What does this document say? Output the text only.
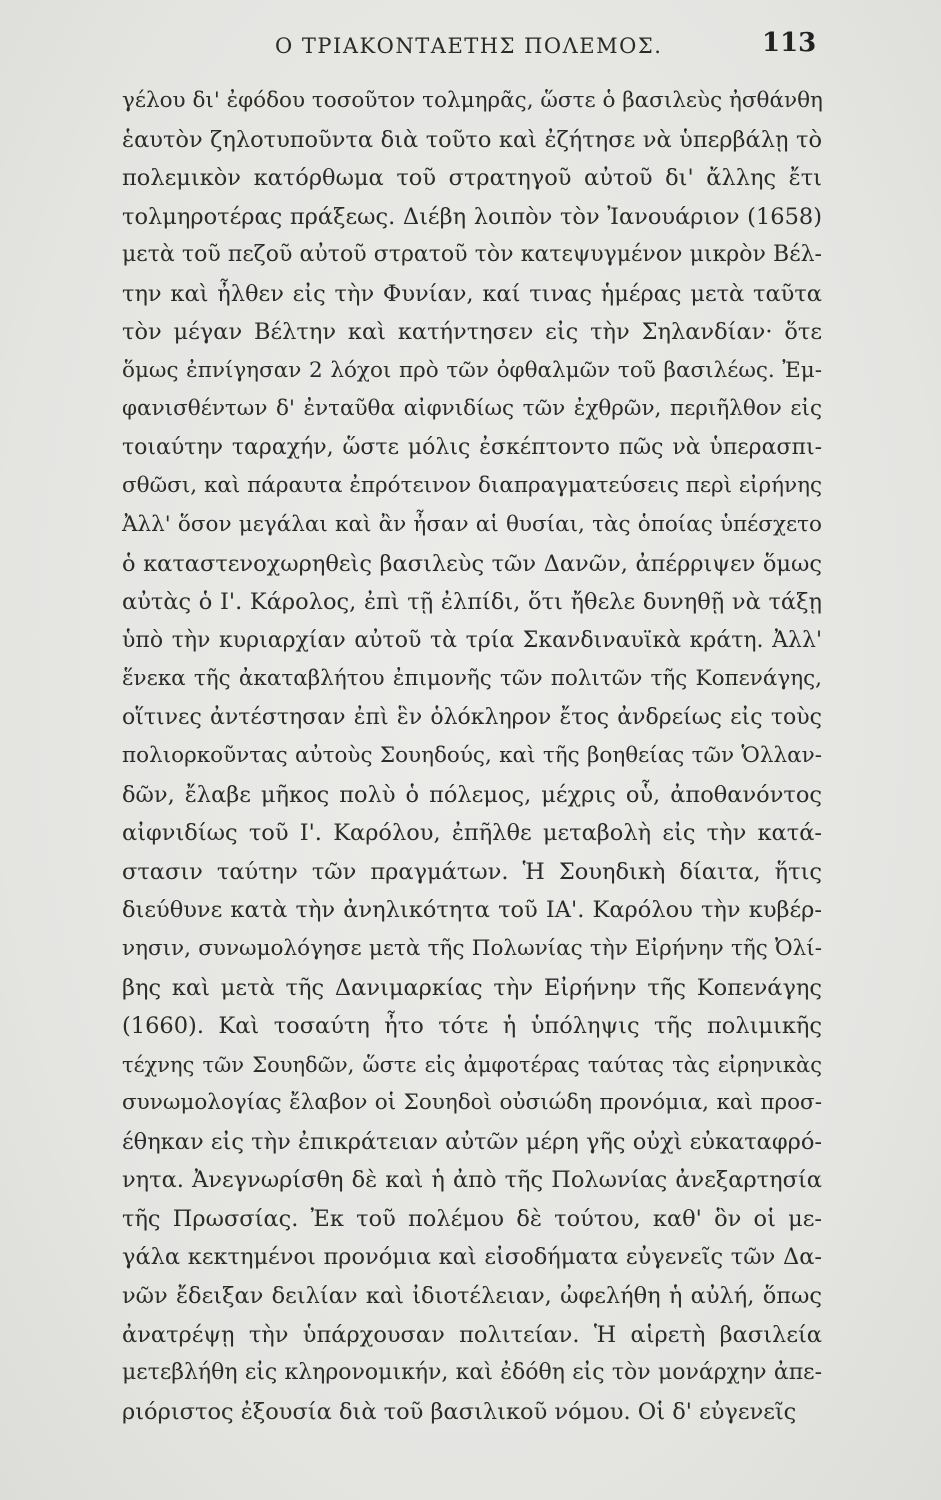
Ο ΤΡΙΑΚΟΝΤΑΕΤΗΣ ΠΟΛΕΜΟΣ.	113
γέλου δι' ἐφόδου τοσοῦτον τολμηρᾶς, ὥστε ὁ βασιλεὺς ἠσθάνθη
ἑαυτὸν ζηλοτυποῦντα διὰ τοῦτο καὶ ἐζήτησε νὰ ὑπερβάλῃ τὸ
πολεμικὸν κατόρθωμα τοῦ στρατηγοῦ αὐτοῦ δι' ἄλλης ἔτι
τολμηροτέρας πράξεως. Διέβη λοιπὸν τὸν Ἰανουάριον (1658)
μετὰ τοῦ πεζοῦ αὐτοῦ στρατοῦ τὸν κατεψυγμένον μικρὸν Βέλ-
την καὶ ἦλθεν εἰς τὴν Φυνίαν, καί τινας ἡμέρας μετὰ ταῦτα
τὸν μέγαν Βέλτην καὶ κατήντησεν εἰς τὴν Σηλανδίαν· ὅτε
ὅμως ἐπνίγησαν 2 λόχοι πρὸ τῶν ὀφθαλμῶν τοῦ βασιλέως. Ἐμ-
φανισθέντων δ' ἐνταῦθα αἰφνιδίως τῶν ἐχθρῶν, περιῆλθον εἰς
τοιαύτην ταραχήν, ὥστε μόλις ἐσκέπτοντο πῶς νὰ ὑπερασπι-
σθῶσι, καὶ πάραυτα ἐπρότεινον διαπραγματεύσεις περὶ εἰρήνης
Ἀλλ' ὅσον μεγάλαι καὶ ἂν ἦσαν αἱ θυσίαι, τὰς ὁποίας ὑπέσχετο
ὁ καταστενοχωρηθεὶς βασιλεὺς τῶν Δανῶν, ἀπέρριψεν ὅμως
αὐτὰς ὁ Ι'. Κάρολος, ἐπὶ τῇ ἐλπίδι, ὅτι ἤθελε δυνηθῇ νὰ τάξῃ
ὑπὸ τὴν κυριαρχίαν αὐτοῦ τὰ τρία Σκανδιναυϊκὰ κράτη. Ἀλλ'
ἕνεκα τῆς ἀκαταβλήτου ἐπιμονῆς τῶν πολιτῶν τῆς Κοπενάγης,
οἵτινες ἀντέστησαν ἐπὶ ἓν ὁλόκληρον ἔτος ἀνδρείως εἰς τοὺς
πολιορκοῦντας αὐτοὺς Σουηδούς, καὶ τῆς βοηθείας τῶν Ὁλλαν-
δῶν, ἔλαβε μῆκος πολὺ ὁ πόλεμος, μέχρις οὗ, ἀποθανόντος
αἰφνιδίως τοῦ Ι'. Καρόλου, ἐπῆλθε μεταβολὴ εἰς τὴν κατά-
στασιν ταύτην τῶν πραγμάτων. Ἡ Σουηδικὴ δίαιτα, ἥτις
διεύθυνε κατὰ τὴν ἀνηλικότητα τοῦ ΙΑ'. Καρόλου τὴν κυβέρ-
νησιν, συνωμολόγησε μετὰ τῆς Πολωνίας τὴν Εἰρήνην τῆς Ὀλί-
βης καὶ μετὰ τῆς Δανιμαρκίας τὴν Εἰρήνην τῆς Κοπενάγης
(1660). Καὶ τοσαύτη ἦτο τότε ἡ ὑπόληψις τῆς πολιμικῆς
τέχνης τῶν Σουηδῶν, ὥστε εἰς ἀμφοτέρας ταύτας τὰς εἰρηνικὰς
συνωμολογίας ἔλαβον οἱ Σουηδοὶ οὐσιώδη προνόμια, καὶ προσ-
έθηκαν εἰς τὴν ἐπικράτειαν αὐτῶν μέρη γῆς οὐχὶ εὐκαταφρό-
νητα. Ἀνεγνωρίσθη δὲ καὶ ἡ ἀπὸ τῆς Πολωνίας ἀνεξαρτησία
τῆς Πρωσσίας. Ἐκ τοῦ πολέμου δὲ τούτου, καθ' ὃν οἱ με-
γάλα κεκτημένοι προνόμια καὶ εἰσοδήματα εὐγενεῖς τῶν Δα-
νῶν ἔδειξαν δειλίαν καὶ ἰδιοτέλειαν, ὠφελήθη ἡ αὐλή, ὅπως
ἀνατρέψῃ τὴν ὑπάρχουσαν πολιτείαν. Ἡ αἱρετὴ βασιλεία
μετεβλήθη εἰς κληρονομικήν, καὶ ἐδόθη εἰς τὸν μονάρχην ἀπε-
ριόριστος ἐξουσία διὰ τοῦ βασιλικοῦ νόμου. Οἱ δ' εὐγενεῖς
